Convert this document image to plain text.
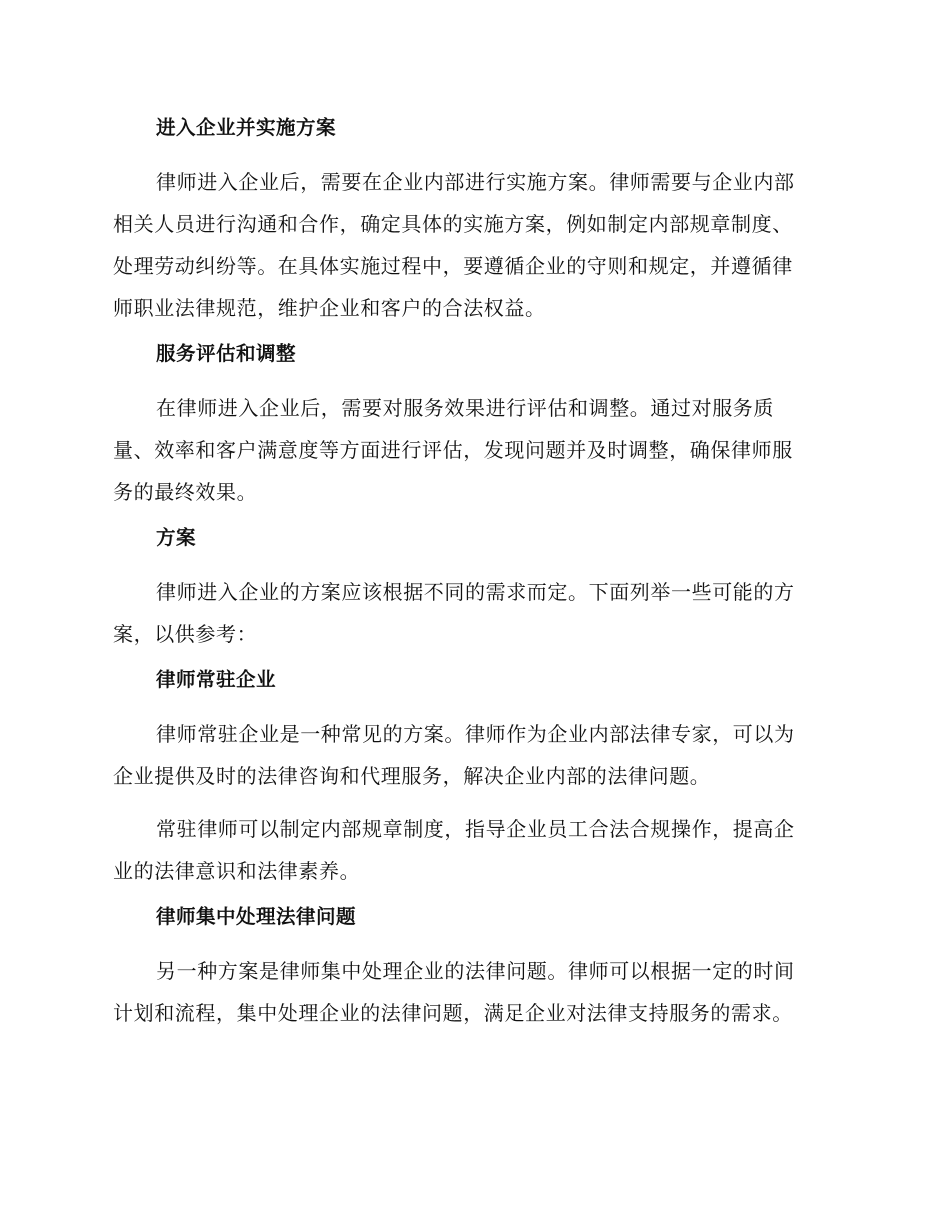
进入企业并实施方案
律师进入企业后，需要在企业内部进行实施方案。律师需要与企业内部
相关人员进行沟通和合作，确定具体的实施方案，例如制定内部规章制度、
处理劳动纠纷等。在具体实施过程中，要遵循企业的守则和规定，并遵循律
师职业法律规范，维护企业和客户的合法权益。
服务评估和调整
在律师进入企业后，需要对服务效果进行评估和调整。通过对服务质
量、效率和客户满意度等方面进行评估，发现问题并及时调整，确保律师服
务的最终效果。
方案
律师进入企业的方案应该根据不同的需求而定。下面列举一些可能的方
案，以供参考：
律师常驻企业
律师常驻企业是一种常见的方案。律师作为企业内部法律专家，可以为
企业提供及时的法律咨询和代理服务，解决企业内部的法律问题。
常驻律师可以制定内部规章制度，指导企业员工合法合规操作，提高企
业的法律意识和法律素养。
律师集中处理法律问题
另一种方案是律师集中处理企业的法律问题。律师可以根据一定的时间
计划和流程，集中处理企业的法律问题，满足企业对法律支持服务的需求。
